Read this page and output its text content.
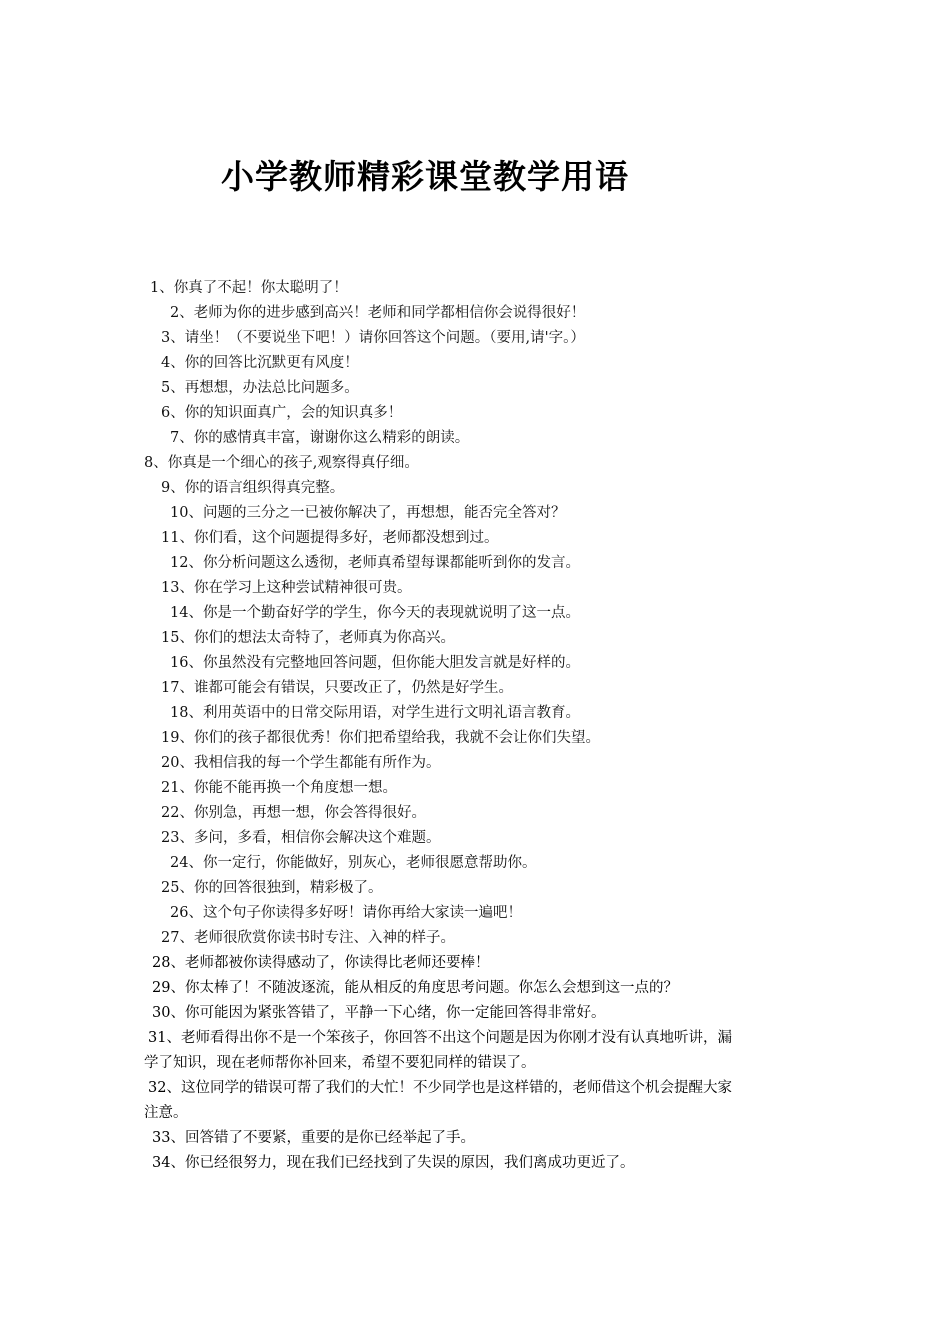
小学教师精彩课堂教学用语
1、你真了不起！你太聪明了！
2、老师为你的进步感到高兴！老师和同学都相信你会说得很好！
3、请坐！（不要说坐下吧！）请你回答这个问题。（要用,请'字。）
4、你的回答比沉默更有风度！
5、再想想，办法总比问题多。
6、你的知识面真广，会的知识真多！
7、你的感情真丰富，谢谢你这么精彩的朗读。
8、你真是一个细心的孩子,观察得真仔细。
9、你的语言组织得真完整。
10、问题的三分之一已被你解决了，再想想，能否完全答对？
11、你们看，这个问题提得多好，老师都没想到过。
12、你分析问题这么透彻，老师真希望每课都能听到你的发言。
13、你在学习上这种尝试精神很可贵。
14、你是一个勤奋好学的学生，你今天的表现就说明了这一点。
15、你们的想法太奇特了，老师真为你高兴。
16、你虽然没有完整地回答问题，但你能大胆发言就是好样的。
17、谁都可能会有错误，只要改正了，仍然是好学生。
18、利用英语中的日常交际用语，对学生进行文明礼语言教育。
19、你们的孩子都很优秀！你们把希望给我，我就不会让你们失望。
20、我相信我的每一个学生都能有所作为。
21、你能不能再换一个角度想一想。
22、你别急，再想一想，你会答得很好。
23、多问，多看，相信你会解决这个难题。
24、你一定行，你能做好，别灰心，老师很愿意帮助你。
25、你的回答很独到，精彩极了。
26、这个句子你读得多好呀！请你再给大家读一遍吧！
27、老师很欣赏你读书时专注、入神的样子。
28、老师都被你读得感动了，你读得比老师还要棒！
29、你太棒了！不随波逐流，能从相反的角度思考问题。你怎么会想到这一点的？
30、你可能因为紧张答错了，平静一下心绪，你一定能回答得非常好。
31、老师看得出你不是一个笨孩子，你回答不出这个问题是因为你刚才没有认真地听讲，漏学了知识，现在老师帮你补回来，希望不要犯同样的错误了。
32、这位同学的错误可帮了我们的大忙！不少同学也是这样错的，老师借这个机会提醒大家注意。
33、回答错了不要紧，重要的是你已经举起了手。
34、你已经很努力，现在我们已经找到了失误的原因，我们离成功更近了。
